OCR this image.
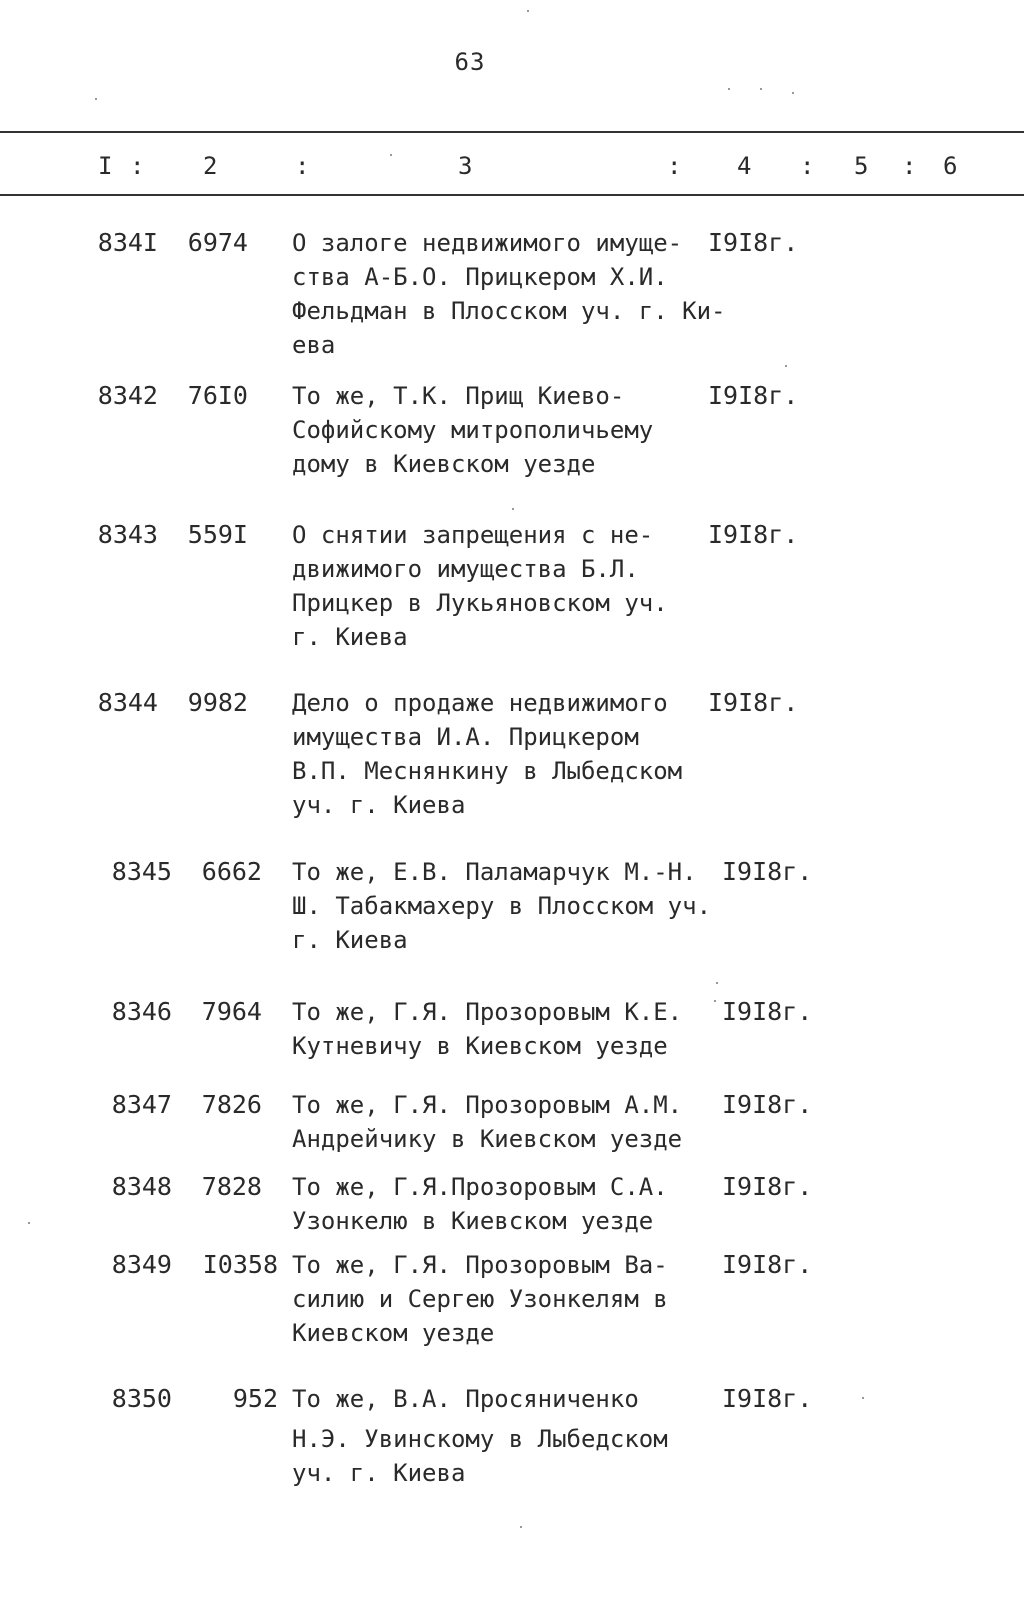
63
I : 2	:	3	: 4 : 5 : 6
834I	6974 О залоге недвижимого имуще-
ства А-Б.О. Прицкером Х.И.
Фельдман в Плосском уч. г. Ки-
ева
I9I8г.
8342	76I0 То же, Т.К. Прищ Киево-
Софийскому митрополичьему
дому в Киевском уезде
I9I8г.
8343	559I О снятии запрещения с не-
движимого имущества Б.Л.
Прицкер в Лукьяновском уч.
г. Киева
I9I8г.
8344	9982 Дело о продаже недвижимого
имущества И.А. Прицкером
В.П. Меснянкину в Лыбедском
уч. г. Киева
I9I8г.
8345	6662 То же, Е.В. Паламарчук М.-Н.
Ш. Табакмахеру в Плосском уч.
г. Киева
I9I8г.
8346	7964 То же, Г.Я. Прозоровым К.Е.
Кутневичу в Киевском уезде
I9I8г.
8347	7826 То же, Г.Я. Прозоровым А.М.
Андрейчику в Киевском уезде
I9I8г.
8348	7828 То же, Г.Я.Прозоровым С.А.
Узонкелю в Киевском уезде
I9I8г.
8349 I0358 То же, Г.Я. Прозоровым Ва-
силию и Сергею Узонкелям в
Киевском уезде
I9I8г.
8350	952 То же, В.А. Просяниченко
Н.Э. Увинскому в Лыбедском
уч. г. Киева
I9I8г.
